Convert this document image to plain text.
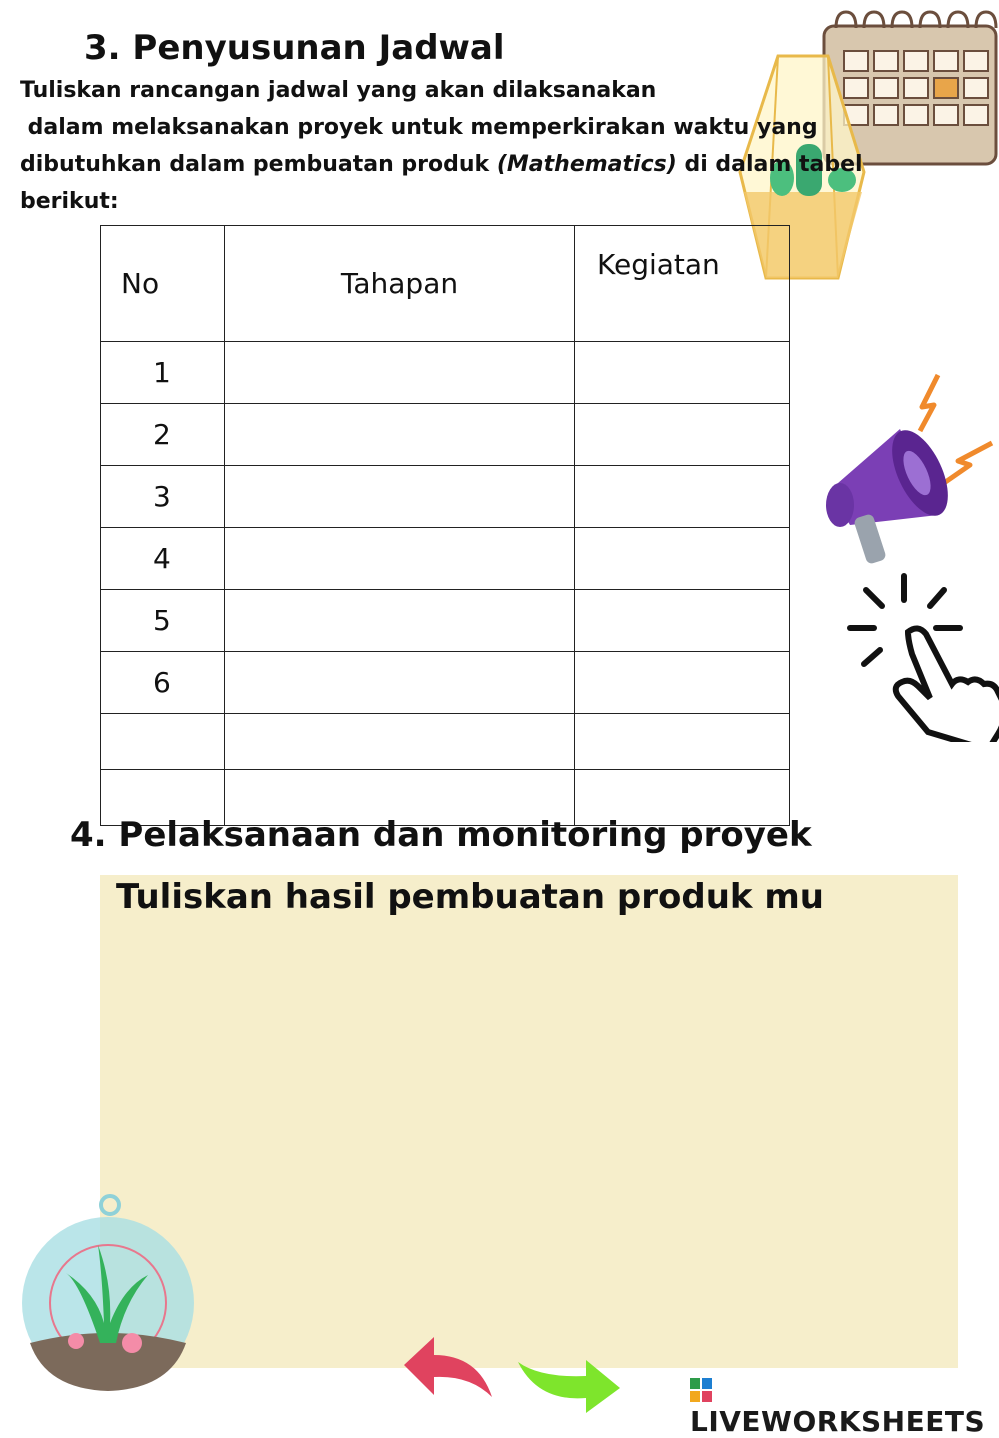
3. Penyusunan Jadwal

Tuliskan rancangan jadwal yang akan dilaksanakan
dalam melaksanakan proyek untuk memperkirakan waktu yang
dibutuhkan dalam pembuatan produk (Mathematics) di dalam tabel
berikut:

No	Tahapan	Kegiatan
1		
2		
3		
4		
5		
6		

4. Pelaksanaan dan monitoring proyek

Tuliskan hasil pembuatan produk mu

LIVEWORKSHEETS
